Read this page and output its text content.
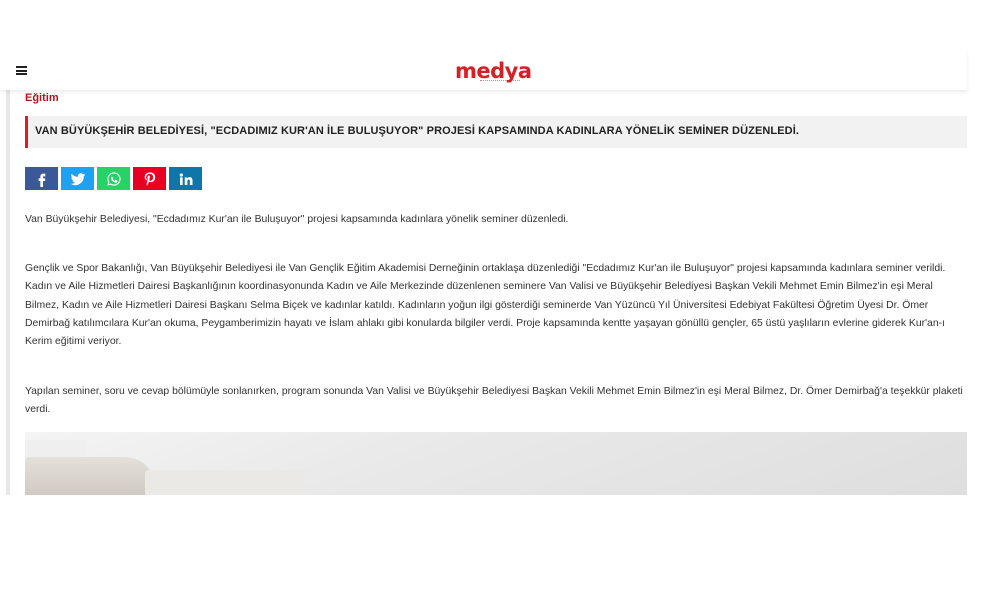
medya
Eğitim
VAN BÜYÜKŞEHİR BELEDİYESİ, "ECDADIMIZ KUR'AN İLE BULUŞUYOR" PROJESİ KAPSAMINDA KADINLARA YÖNELİK SEMİNER DÜZENLEDİ.

Van Büyükşehir Belediyesi, "Ecdadımız Kur'an ile Buluşuyor" projesi kapsamında kadınlara yönelik seminer düzenledi.

Gençlik ve Spor Bakanlığı, Van Büyükşehir Belediyesi ile Van Gençlik Eğitim Akademisi Derneğinin ortaklaşa düzenlediği "Ecdadımız Kur'an ile Buluşuyor" projesi kapsamında kadınlara seminer verildi. Kadın ve Aile Hizmetleri Dairesi Başkanlığının koordinasyonunda Kadın ve Aile Merkezinde düzenlenen seminere Van Valisi ve Büyükşehir Belediyesi Başkan Vekili Mehmet Emin Bilmez'in eşi Meral Bilmez, Kadın ve Aile Hizmetleri Dairesi Başkanı Selma Biçek ve kadınlar katıldı. Kadınların yoğun ilgi gösterdiği seminerde Van Yüzüncü Yıl Üniversitesi Edebiyat Fakültesi Öğretim Üyesi Dr. Ömer Demirbağ katılımcılara Kur'an okuma, Peygamberimizin hayatı ve İslam ahlakı gibi konularda bilgiler verdi. Proje kapsamında kentte yaşayan gönüllü gençler, 65 üstü yaşlıların evlerine giderek Kur'an-ı Kerim eğitimi veriyor.

Yapılan seminer, soru ve cevap bölümüyle sonlanırken, program sonunda Van Valisi ve Büyükşehir Belediyesi Başkan Vekili Mehmet Emin Bilmez'in eşi Meral Bilmez, Dr. Ömer Demirbağ'a teşekkür plaketi verdi.
